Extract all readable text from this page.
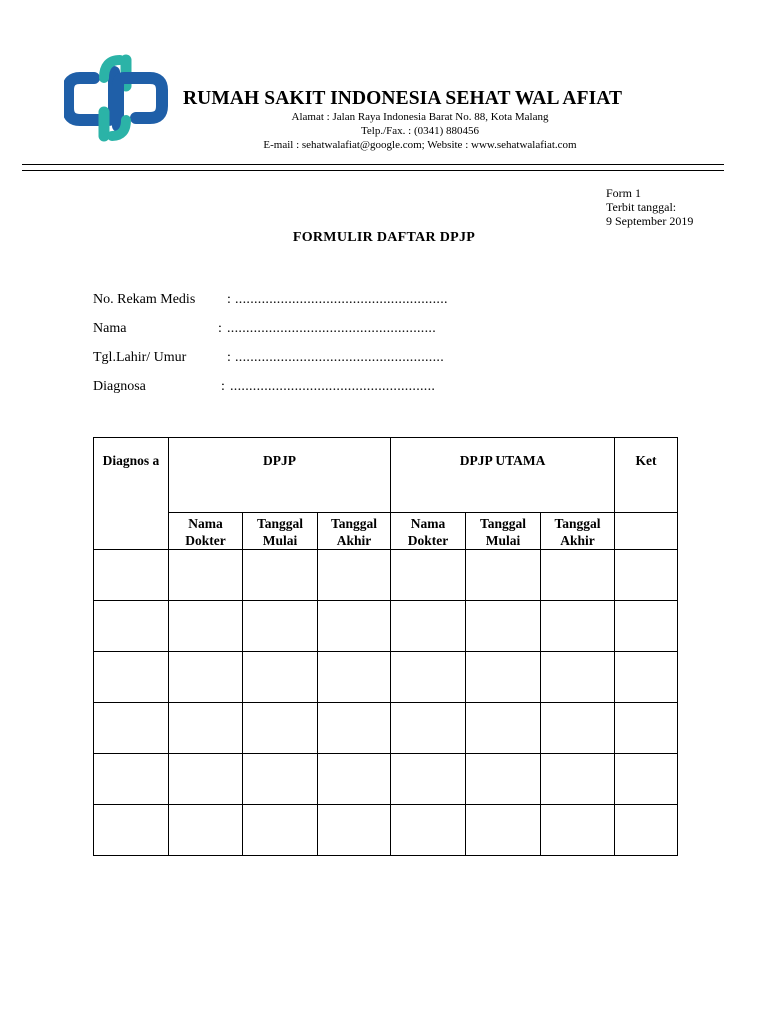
RUMAH SAKIT INDONESIA SEHAT WAL AFIAT
Alamat : Jalan Raya Indonesia Barat No. 88, Kota Malang
Telp./Fax. : (0341) 880456
E-mail : sehatwalafiat@google.com; Website : www.sehatwalafiat.com
Form 1
Terbit tanggal:
9 September 2019
FORMULIR DAFTAR DPJP
No. Rekam Medis : ........................................................
Nama	: .......................................................
Tgl.Lahir/ Umur	: .......................................................
Diagnosa	: ......................................................
Diagnos a	DPJP			DPJP UTAMA			Ket
	Nama Dokter	Tanggal Mulai	Tanggal Akhir	Nama Dokter	Tanggal Mulai	Tanggal Akhir	
